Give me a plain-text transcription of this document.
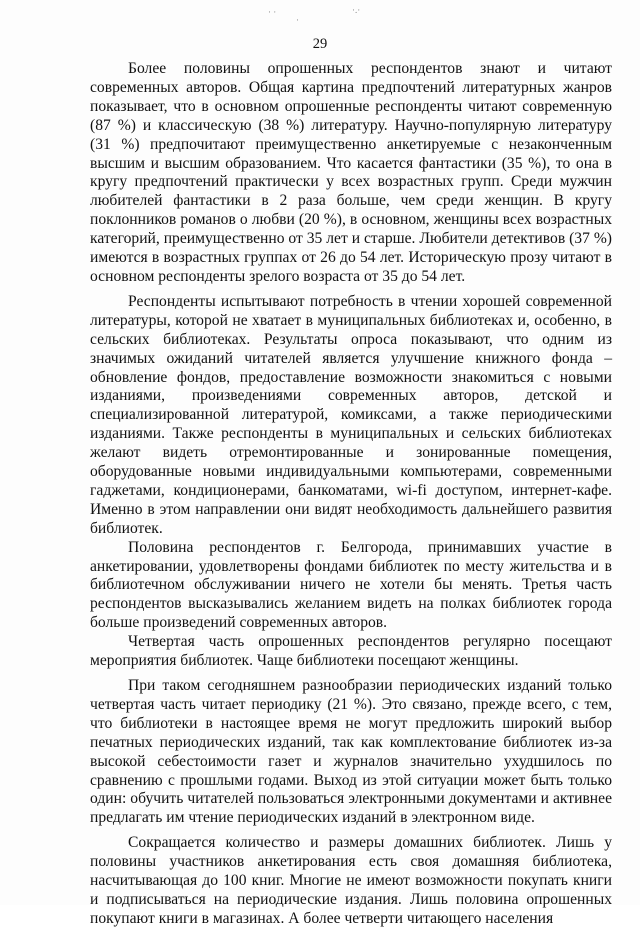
· ·
·
·.·
29

Более половины опрошенных респондентов знают и читают современных авторов. Общая картина предпочтений литературных жанров показывает, что в основном опрошенные респонденты читают современную (87 %) и классическую (38 %) литературу. Научно-популярную литературу (31 %) предпочитают преимущественно анкетируемые с незаконченным высшим и высшим образованием. Что касается фантастики (35 %), то она в кругу предпочтений практически у всех возрастных групп. Среди мужчин любителей фантастики в 2 раза больше, чем среди женщин. В кругу поклонников романов о любви (20 %), в основном, женщины всех возрастных категорий, преимущественно от 35 лет и старше. Любители детективов (37 %) имеются в возрастных группах от 26 до 54 лет. Историческую прозу читают в основном респонденты зрелого возраста от 35 до 54 лет.

Респонденты испытывают потребность в чтении хорошей современной литературы, которой не хватает в муниципальных библиотеках и, особенно, в сельских библиотеках. Результаты опроса показывают, что одним из значимых ожиданий читателей является улучшение книжного фонда – обновление фондов, предоставление возможности знакомиться с новыми изданиями, произведениями современных авторов, детской и специализированной литературой, комиксами, а также периодическими изданиями. Также респонденты в муниципальных и сельских библиотеках желают видеть отремонтированные и зонированные помещения, оборудованные новыми индивидуальными компьютерами, современными гаджетами, кондиционерами, банкоматами, wi-fi доступом, интернет-кафе. Именно в этом направлении они видят необходимость дальнейшего развития библиотек.

Половина респондентов г. Белгорода, принимавших участие в анкетировании, удовлетворены фондами библиотек по месту жительства и в библиотечном обслуживании ничего не хотели бы менять. Третья часть респондентов высказывались желанием видеть на полках библиотек города больше произведений современных авторов.

Четвертая часть опрошенных респондентов регулярно посещают мероприятия библиотек. Чаще библиотеки посещают женщины.

При таком сегодняшнем разнообразии периодических изданий только четвертая часть читает периодику (21 %). Это связано, прежде всего, с тем, что библиотеки в настоящее время не могут предложить широкий выбор печатных периодических изданий, так как комплектование библиотек из-за высокой себестоимости газет и журналов значительно ухудшилось по сравнению с прошлыми годами. Выход из этой ситуации может быть только один: обучить читателей пользоваться электронными документами и активнее предлагать им чтение периодических изданий в электронном виде.

Сокращается количество и размеры домашних библиотек. Лишь у половины участников анкетирования есть своя домашняя библиотека, насчитывающая до 100 книг. Многие не имеют возможности покупать книги и подписываться на периодические издания. Лишь половина опрошенных покупают книги в магазинах. А более четверти читающего населения
